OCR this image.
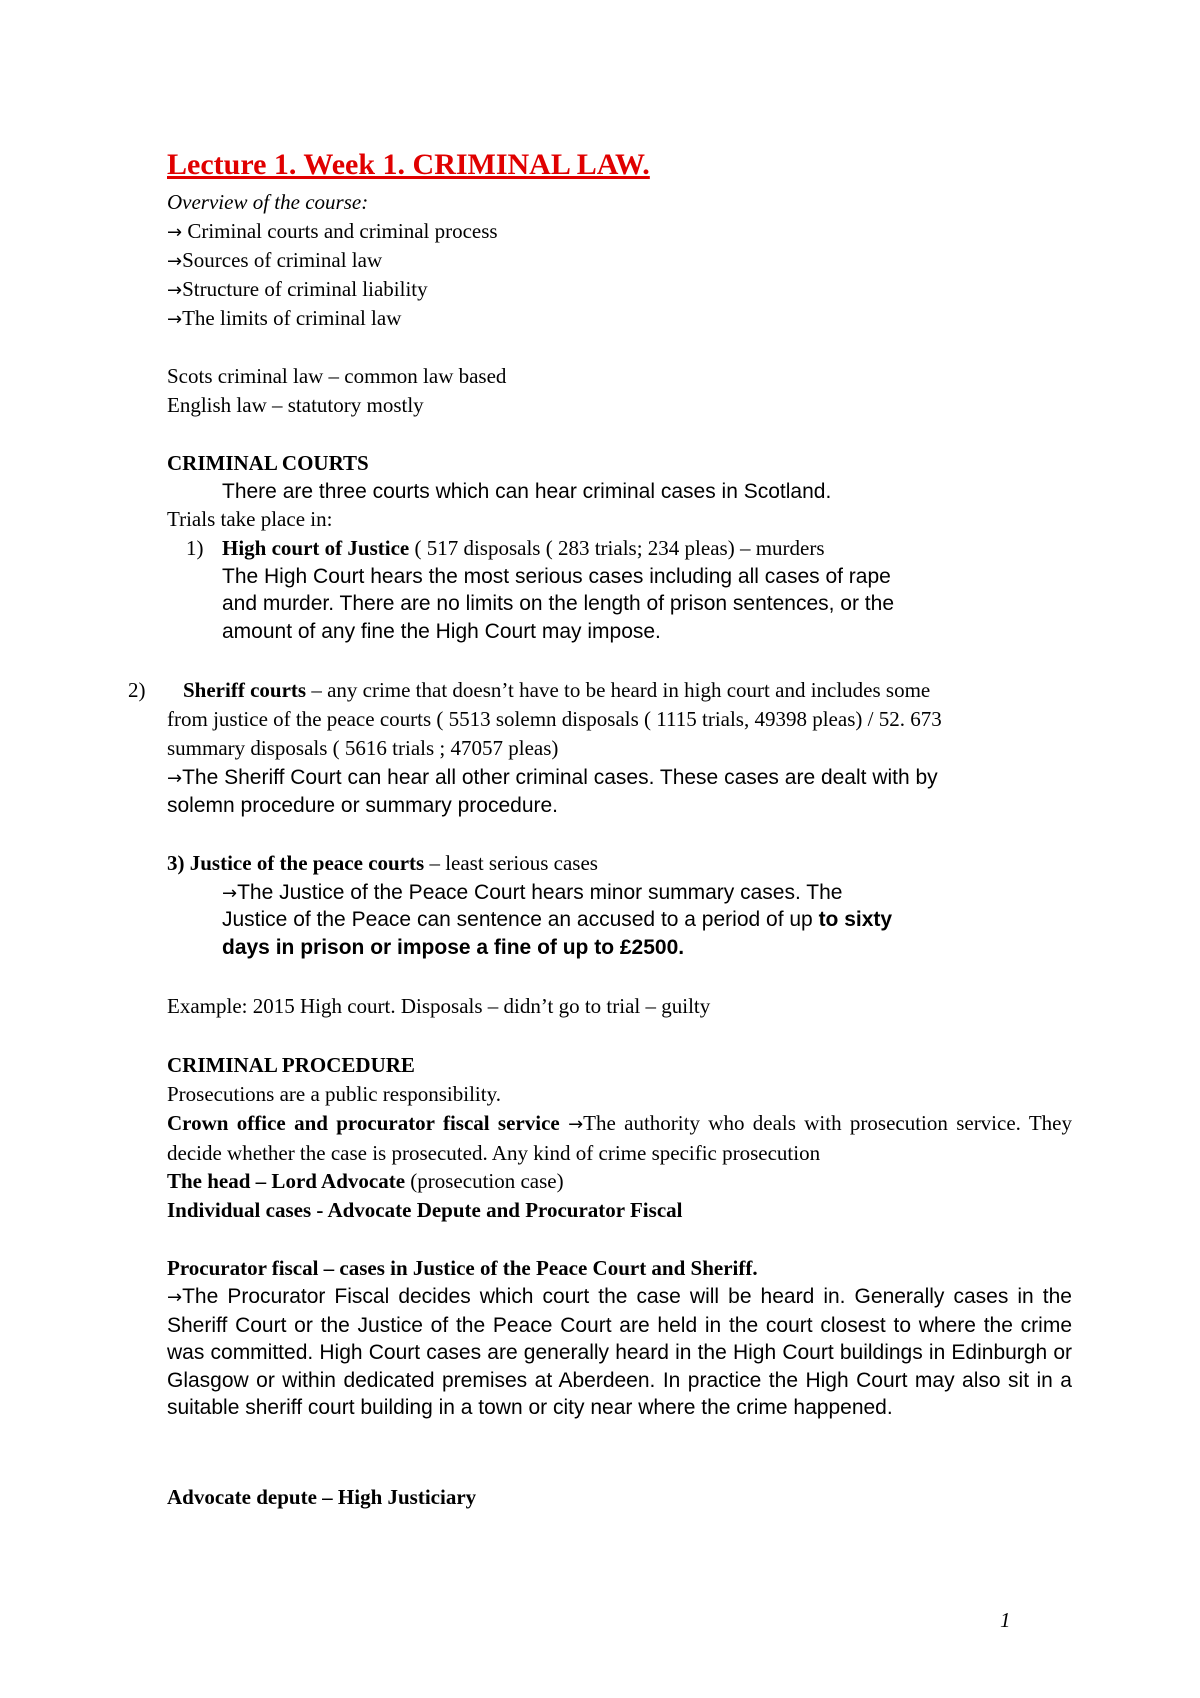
Lecture 1. Week 1. CRIMINAL LAW.
Overview of the course:
→ Criminal courts and criminal process
→Sources of criminal law
→Structure of criminal liability
→The limits of criminal law
Scots criminal law – common law based
English law – statutory mostly
CRIMINAL COURTS
There are three courts which can hear criminal cases in Scotland.
Trials take place in:
1) High court of Justice ( 517 disposals ( 283 trials; 234 pleas) – murders
The High Court hears the most serious cases including all cases of rape
and murder. There are no limits on the length of prison sentences, or the
amount of any fine the High Court may impose.
2) Sheriff courts – any crime that doesn’t have to be heard in high court and includes some
from justice of the peace courts ( 5513 solemn disposals ( 1115 trials, 49398 pleas) / 52. 673
summary disposals ( 5616 trials ; 47057 pleas)
→The Sheriff Court can hear all other criminal cases. These cases are dealt with by
solemn procedure or summary procedure.
3) Justice of the peace courts – least serious cases
→The Justice of the Peace Court hears minor summary cases. The
Justice of the Peace can sentence an accused to a period of up to sixty
days in prison or impose a fine of up to £2500.
Example: 2015 High court. Disposals – didn’t go to trial – guilty
CRIMINAL PROCEDURE
Prosecutions are a public responsibility.
Crown office and procurator fiscal service →The authority who deals with prosecution service. They decide whether the case is prosecuted. Any kind of crime specific prosecution
The head – Lord Advocate (prosecution case)
Individual cases - Advocate Depute and Procurator Fiscal
Procurator fiscal – cases in Justice of the Peace Court and Sheriff.
→The Procurator Fiscal decides which court the case will be heard in. Generally cases in the Sheriff Court or the Justice of the Peace Court are held in the court closest to where the crime was committed. High Court cases are generally heard in the High Court buildings in Edinburgh or Glasgow or within dedicated premises at Aberdeen. In practice the High Court may also sit in a suitable sheriff court building in a town or city near where the crime happened.
Advocate depute – High Justiciary
1
